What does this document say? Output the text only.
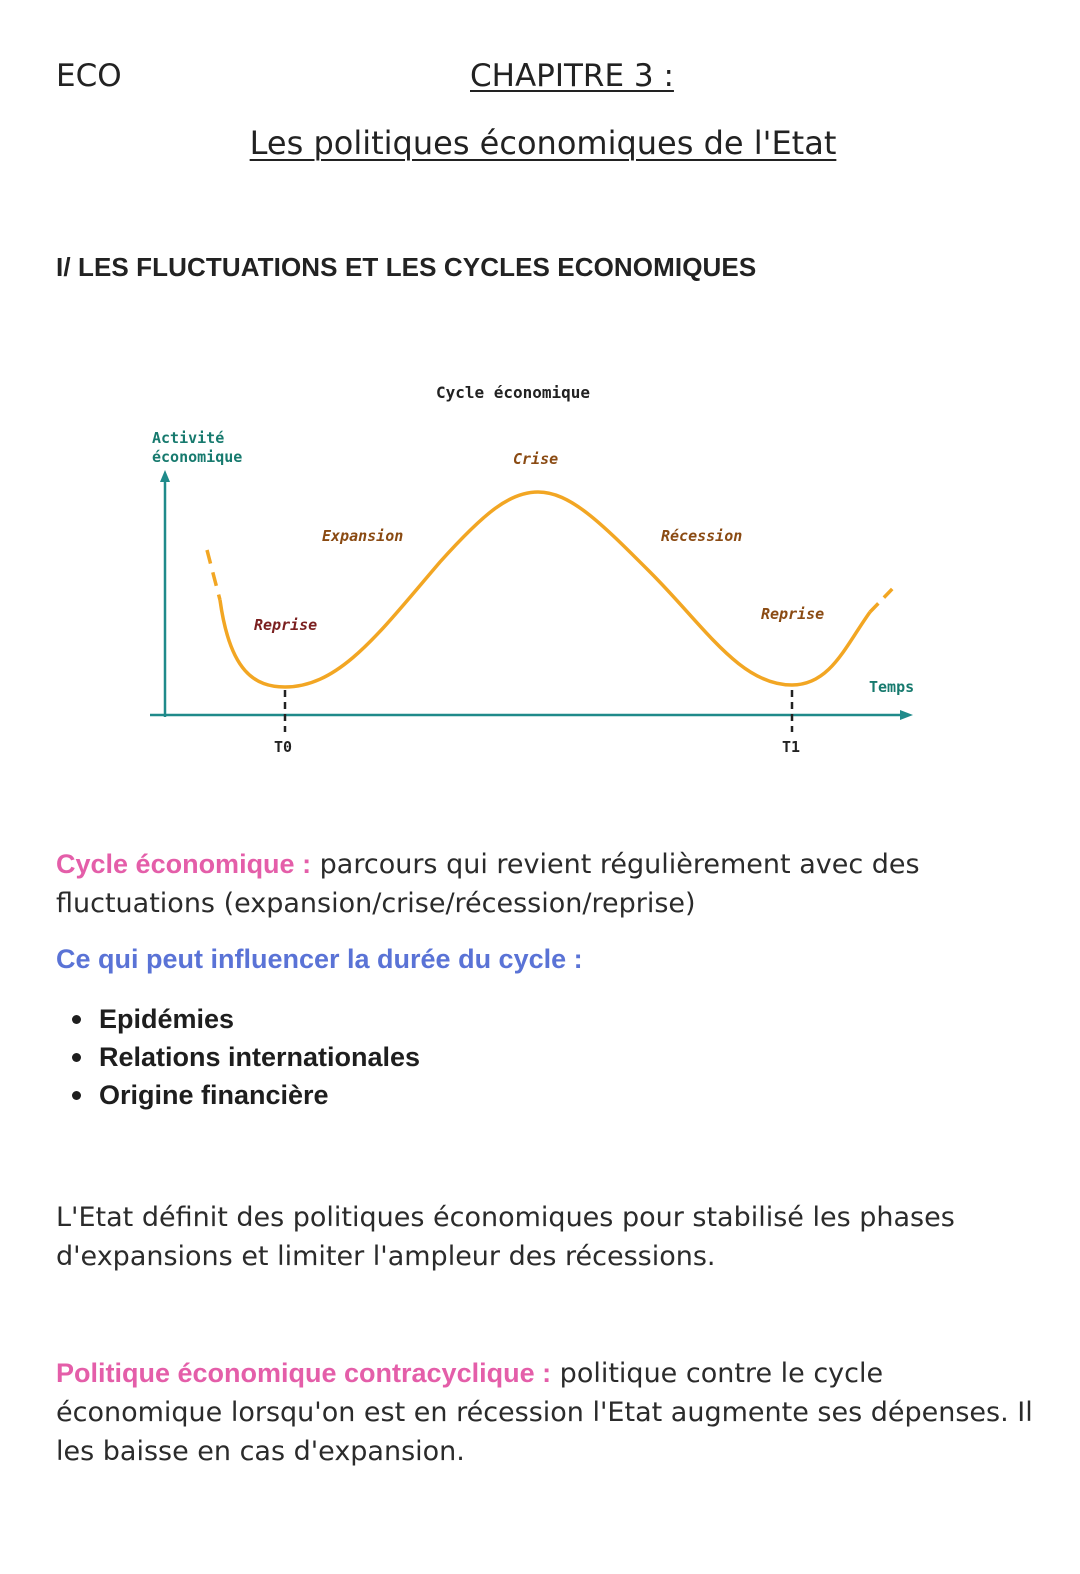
ECO	CHAPITRE 3 :
Les politiques économiques de l'Etat
I/ LES FLUCTUATIONS ET LES CYCLES ECONOMIQUES
Cycle économique
Activité
économique
Temps
T0	T1
Reprise
Expansion
Crise
Récession
Reprise
Cycle économique : parcours qui revient régulièrement avec des fluctuations (expansion/crise/récession/reprise)
Ce qui peut influencer la durée du cycle :
Epidémies
Relations internationales
Origine financière
L'Etat définit des politiques économiques pour stabilisé les phases d'expansions et limiter l'ampleur des récessions.
Politique économique contracyclique : politique contre le cycle économique lorsqu'on est en récession l'Etat augmente ses dépenses. Il les baisse en cas d'expansion.
